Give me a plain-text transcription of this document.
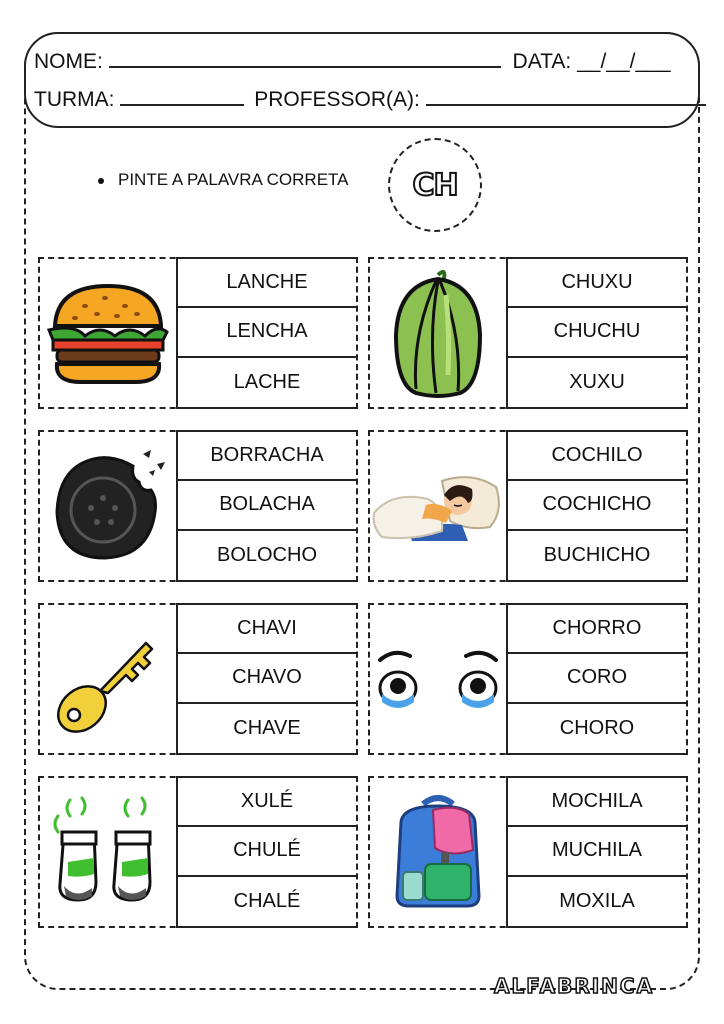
NOME:	DATA: __/__/___
TURMA:	PROFESSOR(A):
PINTE A PALAVRA CORRETA CH
LANCHE
LENCHA
LACHE
CHUXU
CHUCHU
XUXU
BORRACHA
BOLACHA
BOLOCHO
COCHILO
COCHICHO
BUCHICHO
CHAVI
CHAVO
CHAVE
CHORRO
CORO
CHORO
XULÉ
CHULÉ
CHALÉ
MOCHILA
MUCHILA
MOXILA
ALFABRINCA
